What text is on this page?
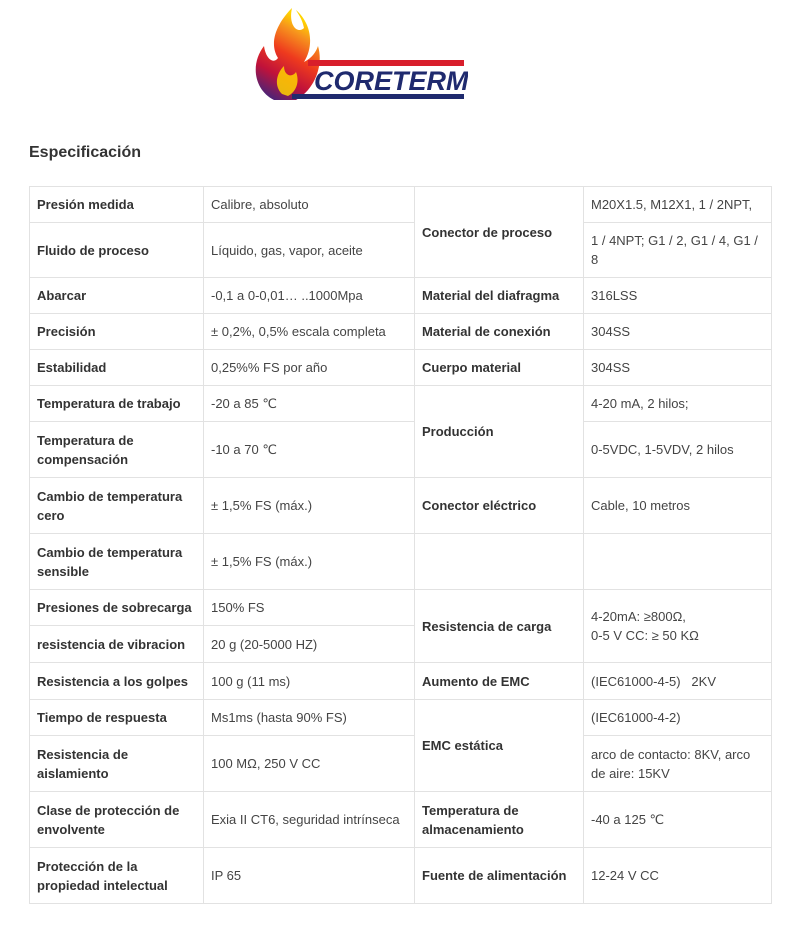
CORETERM
Especificación
Presión medida	Calibre, absoluto	Conector de proceso	M20X1.5, M12X1, 1 / 2NPT,
Fluido de proceso	Líquido, gas, vapor, aceite		1 / 4NPT; G1 / 2, G1 / 4, G1 / 8
Abarcar	-0,1 a 0-0,01… ..1000Mpa	Material del diafragma	316LSS
Precisión	± 0,2%, 0,5% escala completa	Material de conexión	304SS
Estabilidad	0,25%% FS por año	Cuerpo material	304SS
Temperatura de trabajo	-20 a 85 ℃	Producción	4-20 mA, 2 hilos;
Temperatura de compensación	-10 a 70 ℃		0-5VDC, 1-5VDV, 2 hilos
Cambio de temperatura cero	± 1,5% FS (máx.)	Conector eléctrico	Cable, 10 metros
Cambio de temperatura sensible	± 1,5% FS (máx.)		
Presiones de sobrecarga	150% FS	Resistencia de carga	4-20mA: ≥800Ω,
0-5 V CC: ≥ 50 KΩ

resistencia de vibracion	20 g (20-5000 HZ)		
Resistencia a los golpes	100 g (11 ms)	Aumento de EMC	(IEC61000-4-5)   2KV
Tiempo de respuesta	Ms1ms (hasta 90% FS)	EMC estática	(IEC61000-4-2)
Resistencia de aislamiento	100 MΩ, 250 V CC		arco de contacto: 8KV, arco de aire: 15KV
Clase de protección de envolvente	Exia II CT6, seguridad intrínseca	Temperatura de almacenamiento	-40 a 125 ℃
Protección de la propiedad intelectual	IP 65	Fuente de alimentación	12-24 V CC
